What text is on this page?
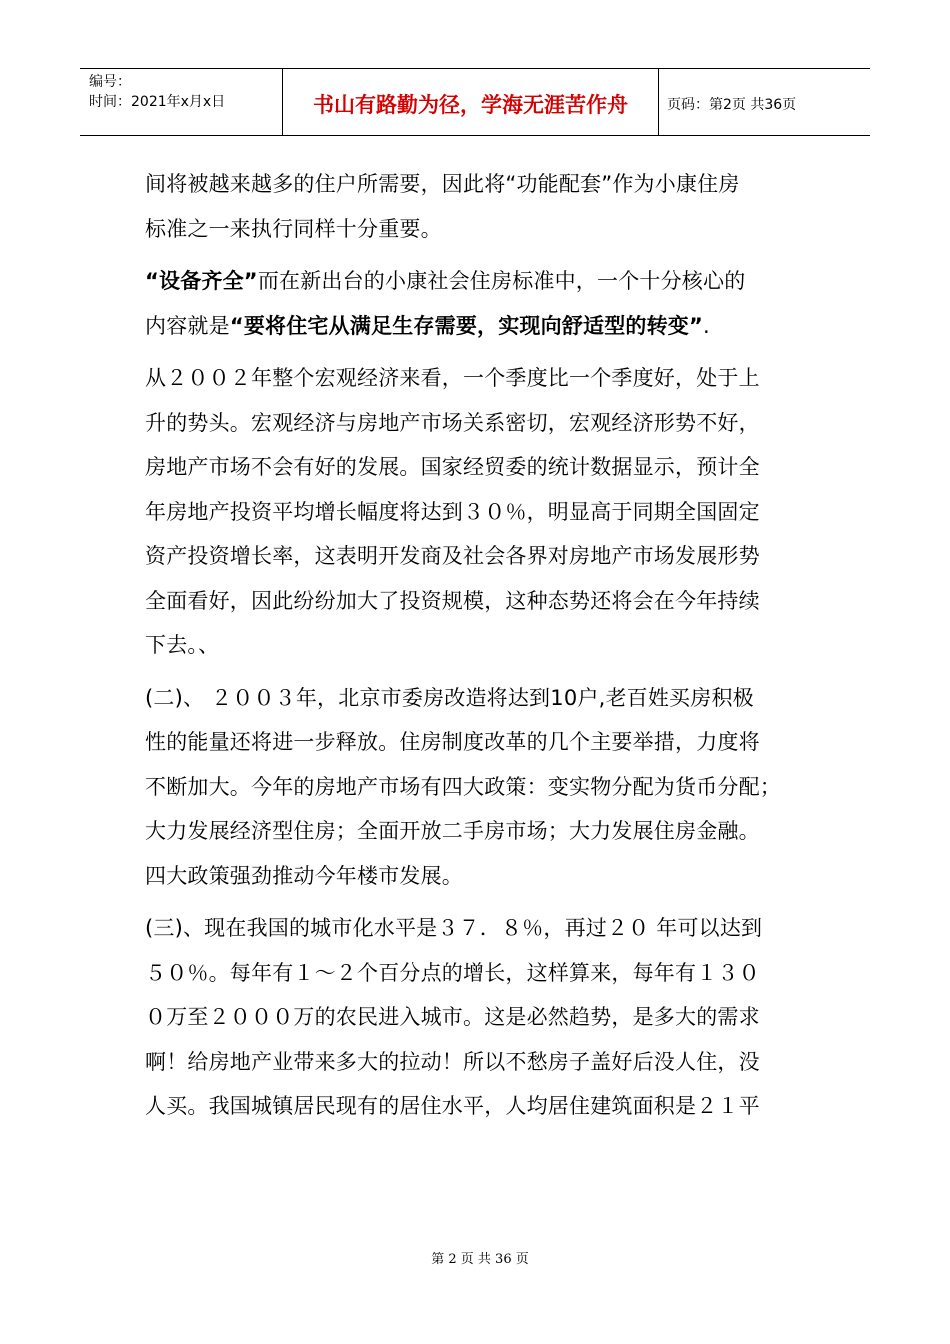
编号：
时间：2021年x月x日	书山有路勤为径，学海无涯苦作舟	页码：第2页 共36页
间将被越来越多的住户所需要，因此将“功能配套”作为小康住房
标准之一来执行同样十分重要。
“设备齐全”而在新出台的小康社会住房标准中，一个十分核心的
内容就是“要将住宅从满足生存需要，实现向舒适型的转变”.
从２００２年整个宏观经济来看，一个季度比一个季度好，处于上
升的势头。宏观经济与房地产市场关系密切，宏观经济形势不好，
房地产市场不会有好的发展。国家经贸委的统计数据显示，预计全
年房地产投资平均增长幅度将达到３０％，明显高于同期全国固定
资产投资增长率，这表明开发商及社会各界对房地产市场发展形势
全面看好，因此纷纷加大了投资规模，这种态势还将会在今年持续
下去。、
(二)、 ２００３年，北京市委房改造将达到10户,老百姓买房积极
性的能量还将进一步释放。住房制度改革的几个主要举措，力度将
不断加大。今年的房地产市场有四大政策：变实物分配为货币分配；
大力发展经济型住房；全面开放二手房市场；大力发展住房金融。
四大政策强劲推动今年楼市发展。
(三)、现在我国的城市化水平是３７．８％，再过２０ 年可以达到
５０％。每年有１～２个百分点的增长，这样算来，每年有１３０
０万至２０００万的农民进入城市。这是必然趋势，是多大的需求
啊！给房地产业带来多大的拉动！所以不愁房子盖好后没人住，没
人买。我国城镇居民现有的居住水平，人均居住建筑面积是２１平
第 2 页 共 36 页
